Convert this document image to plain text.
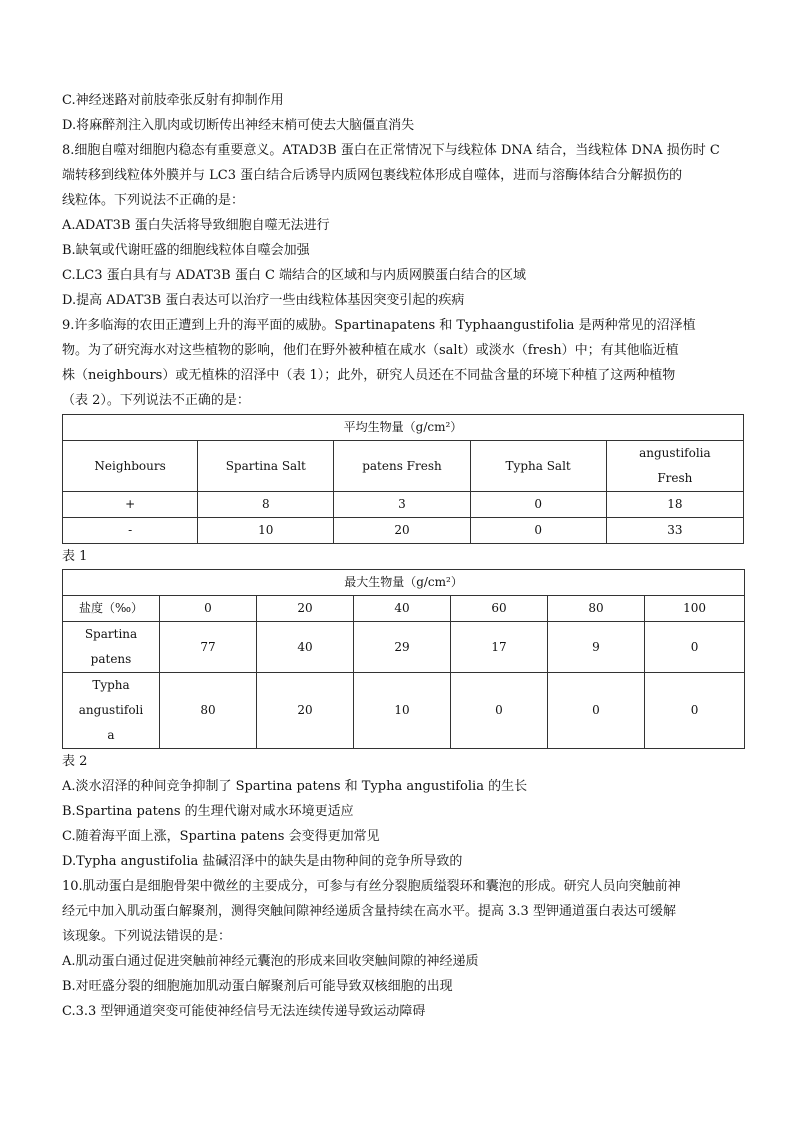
C.神经迷路对前肢牵张反射有抑制作用
D.将麻醉剂注入肌肉或切断传出神经末梢可使去大脑僵直消失
8.细胞自噬对细胞内稳态有重要意义。ATAD3B 蛋白在正常情况下与线粒体 DNA 结合，当线粒体 DNA 损伤时 C
端转移到线粒体外膜并与 LC3 蛋白结合后诱导内质网包裹线粒体形成自噬体，进而与溶酶体结合分解损伤的
线粒体。下列说法不正确的是：
A.ADAT3B 蛋白失活将导致细胞自噬无法进行
B.缺氧或代谢旺盛的细胞线粒体自噬会加强
C.LC3 蛋白具有与 ADAT3B 蛋白 C 端结合的区域和与内质网膜蛋白结合的区域
D.提高 ADAT3B 蛋白表达可以治疗一些由线粒体基因突变引起的疾病
9.许多临海的农田正遭到上升的海平面的威胁。Spartinapatens 和 Typhaangustifolia 是两种常见的沼泽植
物。为了研究海水对这些植物的影响，他们在野外被种植在咸水（salt）或淡水（fresh）中；有其他临近植
株（neighbours）或无植株的沼泽中（表 1）；此外，研究人员还在不同盐含量的环境下种植了这两种植物
（表 2）。下列说法不正确的是：
平均生物量（g/cm²）				
Neighbours	Spartina Salt	patens Fresh	Typha Salt	angustifolia
Fresh

+	8	3	0	18
-	10	20	0	33
表 1
最大生物量（g/cm²）						
盐度（‰）	0	20	40	60	80	100

Spartina
patens	77	40	29	17	9	0

Typha
angustifoli
a	80	20	10	0	0	0
表 2
A.淡水沼泽的种间竞争抑制了 Spartina patens 和 Typha angustifolia 的生长
B.Spartina patens 的生理代谢对咸水环境更适应
C.随着海平面上涨，Spartina patens 会变得更加常见
D.Typha angustifolia 盐碱沼泽中的缺失是由物种间的竞争所导致的
10.肌动蛋白是细胞骨架中微丝的主要成分，可参与有丝分裂胞质缢裂环和囊泡的形成。研究人员向突触前神
经元中加入肌动蛋白解聚剂，测得突触间隙神经递质含量持续在高水平。提高 3.3 型钾通道蛋白表达可缓解
该现象。下列说法错误的是：
A.肌动蛋白通过促进突触前神经元囊泡的形成来回收突触间隙的神经递质
B.对旺盛分裂的细胞施加肌动蛋白解聚剂后可能导致双核细胞的出现
C.3.3 型钾通道突变可能使神经信号无法连续传递导致运动障碍
